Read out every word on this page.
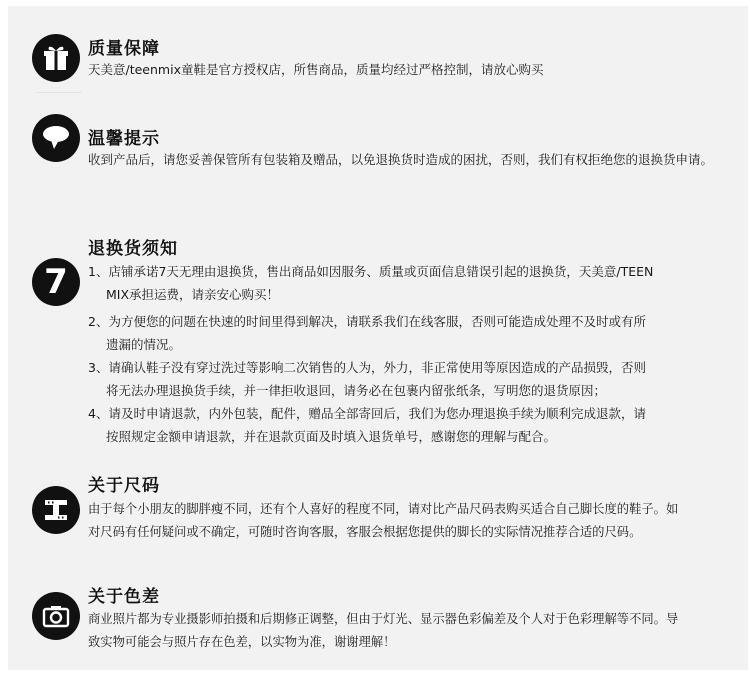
质量保障
天美意/teenmix童鞋是官方授权店，所售商品，质量均经过严格控制，请放心购买
温馨提示
收到产品后，请您妥善保管所有包装箱及赠品，以免退换货时造成的困扰，否则，我们有权拒绝您的退换货申请。
7
退换货须知
1、店铺承诺7天无理由退换货，售出商品如因服务、质量或页面信息错误引起的退换货，天美意/TEEN
MIX承担运费，请亲安心购买！
2、为方便您的问题在快速的时间里得到解决，请联系我们在线客服，否则可能造成处理不及时或有所
遗漏的情况。
3、请确认鞋子没有穿过洗过等影响二次销售的人为，外力，非正常使用等原因造成的产品损毁，否则
将无法办理退换货手续，并一律拒收退回，请务必在包裹内留张纸条，写明您的退货原因；
4、请及时申请退款，内外包装，配件，赠品全部寄回后，我们为您办理退换手续为顺利完成退款，请
按照规定金额申请退款，并在退款页面及时填入退货单号，感谢您的理解与配合。
关于尺码
由于每个小朋友的脚胖瘦不同，还有个人喜好的程度不同，请对比产品尺码表购买适合自己脚长度的鞋子。如
对尺码有任何疑问或不确定，可随时咨询客服，客服会根据您提供的脚长的实际情况推荐合适的尺码。
关于色差
商业照片都为专业摄影师拍摄和后期修正调整，但由于灯光、显示器色彩偏差及个人对于色彩理解等不同。导
致实物可能会与照片存在色差，以实物为准，谢谢理解！
